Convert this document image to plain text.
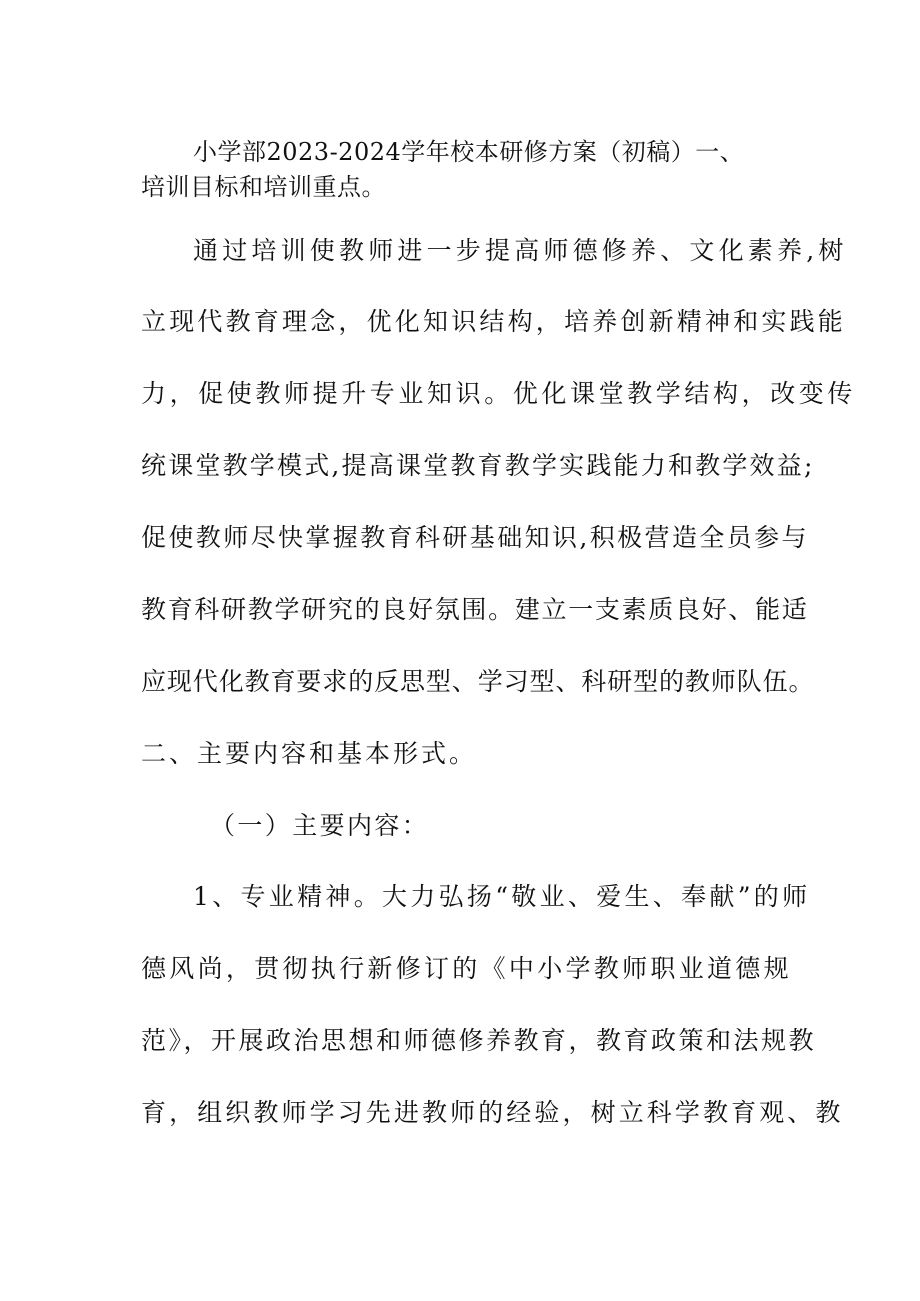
小学部2023-2024学年校本研修方案（初稿）一、
培训目标和培训重点。
通过培训使教师进一步提高师德修养、文化素养,树
立现代教育理念，优化知识结构，培养创新精神和实践能
力，促使教师提升专业知识。优化课堂教学结构，改变传
统课堂教学模式,提高课堂教育教学实践能力和教学效益;
促使教师尽快掌握教育科研基础知识,积极营造全员参与
教育科研教学研究的良好氛围。建立一支素质良好、能适
应现代化教育要求的反思型、学习型、科研型的教师队伍。
二、主要内容和基本形式。
（一）主要内容：
1、专业精神。大力弘扬“敬业、爱生、奉献”的师
德风尚，贯彻执行新修订的《中小学教师职业道德规
范》，开展政治思想和师德修养教育，教育政策和法规教
育，组织教师学习先进教师的经验，树立科学教育观、教
